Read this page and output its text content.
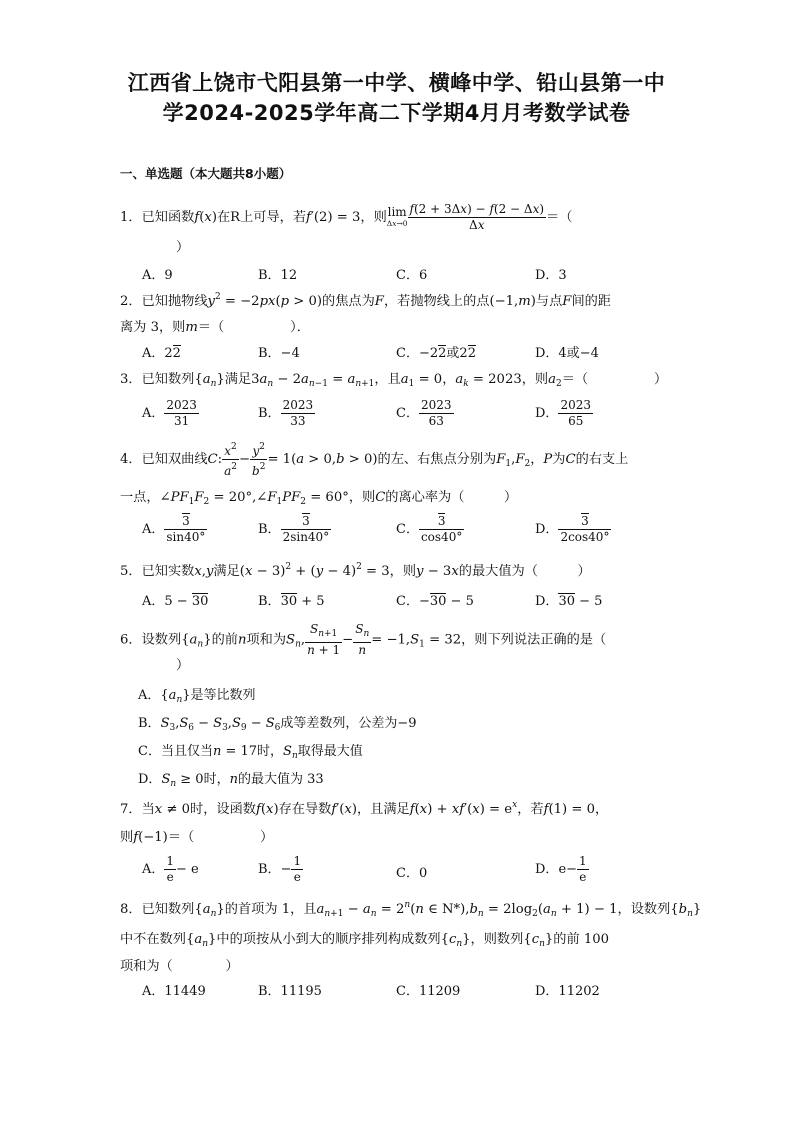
江西省上饶市弋阳县第一中学、横峰中学、铅山县第一中
学2024-2025学年高二下学期4月月考数学试卷
一、单选题（本大题共8小题）
1．已知函数f(x)在R上可导，若f′(2) = 3，则 lim
$\Delta x\to 0 \frac{f(2 + 3\Delta x) - f(2 - \Delta x)}{\Delta x}$ ＝（
）
A．9	B．12	C．6	D．3
2．已知抛物线$y^2 = -2px(p > 0)$的焦点为F，若抛物线上的点(−1,m)与点F间的距
离为 3，则m＝（　　　　　）．
A．22	B．−4	C．−22或22	D．4或−4
3．已知数列$\{a_n\}$满足$3a_n - 2a_{n-1} = a_{n+1}$，且$a_1 = 0$，$a_k = 2023$，则$a_2=$（　　　　　）
A． $\frac{2023}{31}$	B． $\frac{2023}{33}$	C． $\frac{2023}{63}$	D． $\frac{2023}{65}$
4．已知双曲线C: $\frac{x^2}{a^2} - \frac{y^2}{b^2} = 1(a > 0,b > 0)$的左、右焦点分别为$F_1,F_2$，P为C的右支上
一点，$\angle PF_1F_2$ = $20^\circ,\angle F_1PF_2 = 60^\circ$，则C的离心率为（　　　）
A． $\frac{3}{\sin 40^\circ}$	B． $\frac{3}{2\sin 40^\circ}$	C． $\frac{3}{\cos 40^\circ}$	D． $\frac{3}{2\cos 40^\circ}$
5．已知实数x,y满足$(x - 3)^2 + (y - 4)^2 = 3$，则y − 3x的最大值为（　　　）
A．5 − 30	B．30 + 5	C．−30 − 5	D．30 − 5
6．设数列$\{a_n\}$的前n项和为$S_n$, $\frac{S_{n+1}}{n + 1} - \frac{S_n}{n} = -1,S_1 = 32$，则下列说法正确的是（
）
A．$\{a_n\}$是等比数列
B．$S_3,S_6 - S_3,S_9 - S_6$成等差数列，公差为−9
C．当且仅当n = 17时，$S_n$取得最大值
D．$S_n \ge 0$时，n的最大值为 33
7．当x ≠ 0时，设函数f(x)存在导数f′(x)，且满足$f(x) + xf'(x) = e^x$，若f(1) = 0，
则f(−1)＝（　　　　　）
A． $\frac{1}{e} - e$	B．− $\frac{1}{e}$	C．0	D．$e- \frac{1}{e}$
8．已知数列$\{a_n\}$的首项为 1，且$a_{n+1} - a_n = 2^n(n$ ∈ $N*),b_n = 2\log_2(a_n + 1) - 1$，设数列$\{b_n\}$
中不在数列$\{a_n\}$中的项按从小到大的顺序排列构成数列$\{c_n\}$，则数列$\{c_n\}$的前 100
项和为（　　　　）
A．11449	B．11195	C．11209	D．11202
